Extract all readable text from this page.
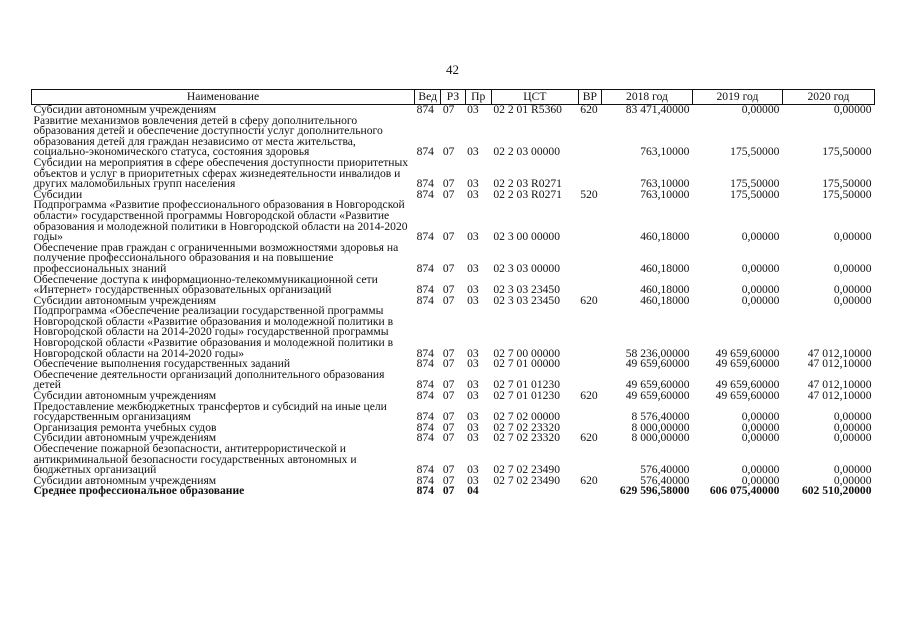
42
Наименование	Вед	РЗ	Пр	ЦСТ	ВР	2018 год	2019 год	2020 год
Субсидии автономным учреждениям	874	07	03	02 2 01 R5360	620	83 471,40000	0,00000	0,00000
Развитие механизмов вовлечения детей в сферу дополнительного образования детей и обеспечение доступности услуг дополнительного образования детей для граждан независимо от места жительства, социально-экономического статуса, состояния здоровья	874	07	03	02 2 03 00000		763,10000	175,50000	175,50000
Субсидии на мероприятия в сфере обеспечения доступности приоритетных объектов и услуг в приоритетных сферах жизнедеятельности инвалидов и других маломобильных групп населения	874	07	03	02 2 03 R0271		763,10000	175,50000	175,50000
Субсидии	874	07	03	02 2 03 R0271	520	763,10000	175,50000	175,50000
Подпрограмма «Развитие профессионального образования в Новгородской области» государственной программы Новгородской области «Развитие образования и молодежной политики в Новгородской области на 2014-2020 годы»	874	07	03	02 3 00 00000		460,18000	0,00000	0,00000
Обеспечение прав граждан с ограниченными возможностями здоровья на получение профессионального образования и на повышение профессиональных знаний	874	07	03	02 3 03 00000		460,18000	0,00000	0,00000
Обеспечение доступа к информационно-телекоммуникационной сети «Интернет» государственных образовательных организаций	874	07	03	02 3 03 23450		460,18000	0,00000	0,00000
Субсидии автономным учреждениям	874	07	03	02 3 03 23450	620	460,18000	0,00000	0,00000
Подпрограмма «Обеспечение реализации государственной программы Новгородской области «Развитие образования и молодежной политики в Новгородской области на 2014-2020 годы» государственной программы Новгородской области «Развитие образования и молодежной политики в Новгородской области на 2014-2020 годы»	874	07	03	02 7 00 00000		58 236,00000	49 659,60000	47 012,10000
Обеспечение выполнения государственных заданий	874	07	03	02 7 01 00000		49 659,60000	49 659,60000	47 012,10000
Обеспечение деятельности организаций дополнительного образования детей	874	07	03	02 7 01 01230		49 659,60000	49 659,60000	47 012,10000
Субсидии автономным учреждениям	874	07	03	02 7 01 01230	620	49 659,60000	49 659,60000	47 012,10000
Предоставление межбюджетных трансфертов и субсидий на иные цели государственным организациям	874	07	03	02 7 02 00000		8 576,40000	0,00000	0,00000
Организация ремонта учебных судов	874	07	03	02 7 02 23320		8 000,00000	0,00000	0,00000
Субсидии автономным учреждениям	874	07	03	02 7 02 23320	620	8 000,00000	0,00000	0,00000
Обеспечение пожарной безопасности, антитеррористической и антикриминальной безопасности государственных автономных и бюджетных организаций	874	07	03	02 7 02 23490		576,40000	0,00000	0,00000
Субсидии автономным учреждениям	874	07	03	02 7 02 23490	620	576,40000	0,00000	0,00000
Среднее профессиональное образование	874	07	04			629 596,58000	606 075,40000	602 510,20000
